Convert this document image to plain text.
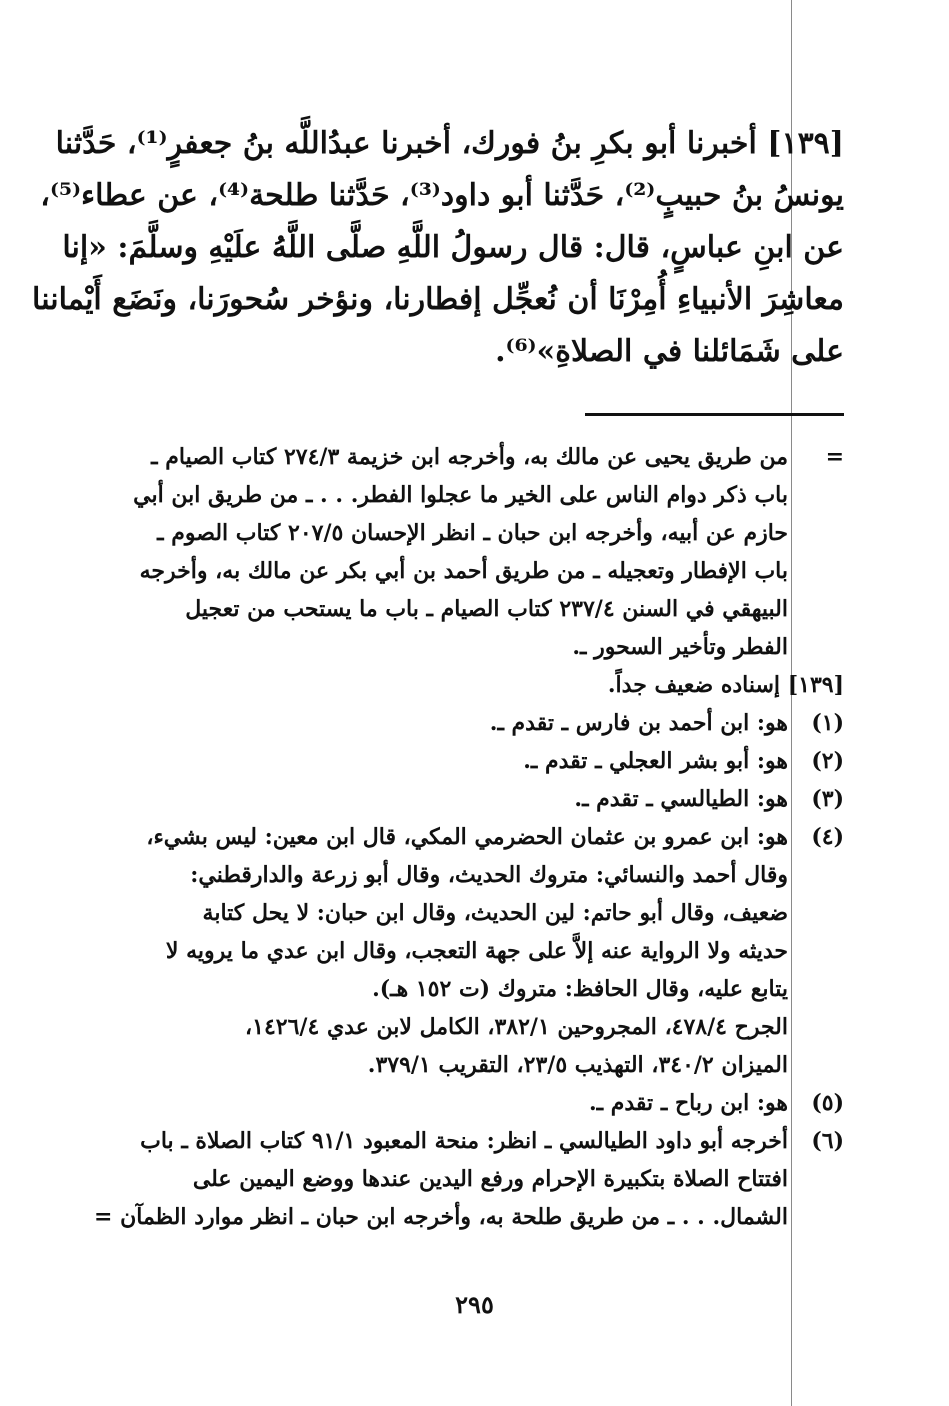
[١٣٩] أخبرنا أبو بكرِ بنُ فورك، أخبرنا عبدُاللَّه بنُ جعفرٍ⁽¹⁾، حَدَّثنا
يونسُ بنُ حبيبٍ⁽²⁾، حَدَّثنا أبو داود⁽³⁾، حَدَّثنا طلحة⁽⁴⁾، عن عطاء⁽⁵⁾،
عن ابنِ عباسٍ، قال: قال رسولُ اللَّهِ صلَّى اللَّهُ علَيْهِ وسلَّمَ: «إنا
معاشِرَ الأنبياءِ أُمِرْنَا أن نُعجِّل إفطارنا، ونؤخر سُحورَنا، ونَضَع أَيْماننا
على شَمَائلنا في الصلاةِ»⁽⁶⁾.
=
من طريق يحيى عن مالك به، وأخرجه ابن خزيمة ٢٧٤/٣ كتاب الصيام ـ
باب ذكر دوام الناس على الخير ما عجلوا الفطر. . . ـ من طريق ابن أبي
حازم عن أبيه، وأخرجه ابن حبان ـ انظر الإحسان ٢٠٧/٥ كتاب الصوم ـ
باب الإفطار وتعجيله ـ من طريق أحمد بن أبي بكر عن مالك به، وأخرجه
البيهقي في السنن ٢٣٧/٤ كتاب الصيام ـ باب ما يستحب من تعجيل
الفطر وتأخير السحور ـ.
[١٣٩] إسناده ضعيف جداً.
(١)
هو: ابن أحمد بن فارس ـ تقدم ـ.
(٢)
هو: أبو بشر العجلي ـ تقدم ـ.
(٣)
هو: الطيالسي ـ تقدم ـ.
(٤)
هو: ابن عمرو بن عثمان الحضرمي المكي، قال ابن معين: ليس بشيء،
وقال أحمد والنسائي: متروك الحديث، وقال أبو زرعة والدارقطني:
ضعيف، وقال أبو حاتم: لين الحديث، وقال ابن حبان: لا يحل كتابة
حديثه ولا الرواية عنه إلاَّ على جهة التعجب، وقال ابن عدي ما يرويه لا
يتابع عليه، وقال الحافظ: متروك (ت ١٥٢ هـ).
الجرح ٤٧٨/٤، المجروحين ٣٨٢/١، الكامل لابن عدي ١٤٢٦/٤،
الميزان ٣٤٠/٢، التهذيب ٢٣/٥، التقريب ٣٧٩/١.
(٥)
هو: ابن رباح ـ تقدم ـ.
(٦)
أخرجه أبو داود الطيالسي ـ انظر: منحة المعبود ٩١/١ كتاب الصلاة ـ باب
افتتاح الصلاة بتكبيرة الإحرام ورفع اليدين عندها ووضع اليمين على
الشمال. . . ـ من طريق طلحة به، وأخرجه ابن حبان ـ انظر موارد الظمآن =
٢٩٥
